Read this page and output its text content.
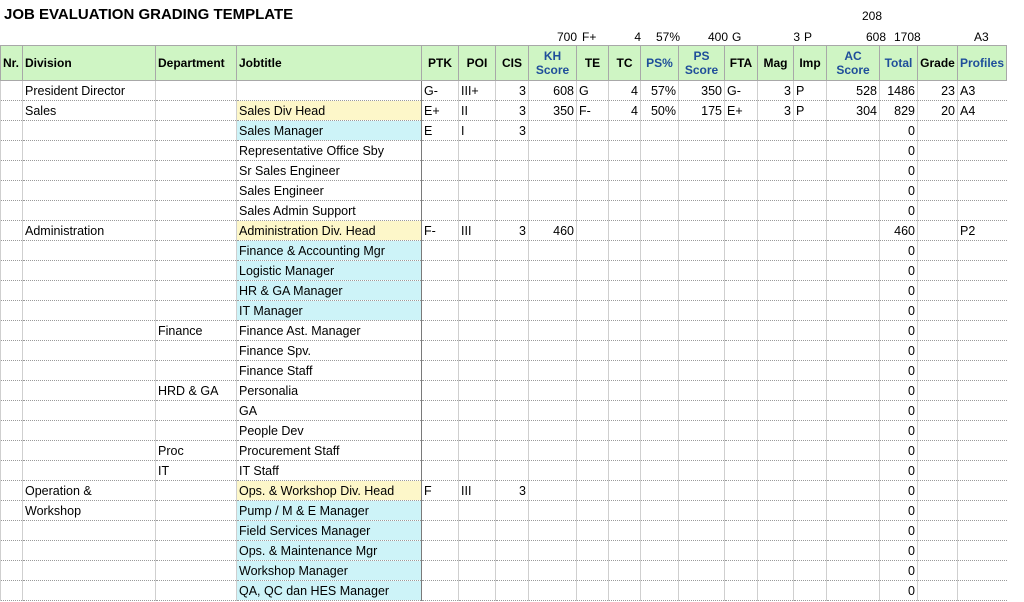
JOB EVALUATION GRADING TEMPLATE	208
700 F+	4	57%	400 G	3 P	608 1708	A3
Nr.	Division	Department	Jobtitle	PTK	POI	CIS	KH Score	TE	TC	PS%	PS Score	FTA	Mag	Imp	AC Score	Total	Grade	Profiles
	President Director			G-	III+	3	608	G	4	57%	350	G-	3	P	528	1486	23	A3
	Sales		Sales Div Head	E+	II	3	350	F-	4	50%	175	E+	3	P	304	829	20	A4
			Sales Manager	E	I	3										0		
			Representative Office Sby													0		
			Sr Sales Engineer													0		
			Sales Engineer													0		
			Sales Admin Support													0		
	Administration		Administration Div. Head	F-	III	3	460									460		P2
			Finance & Accounting Mgr													0		
			Logistic Manager													0		
			HR & GA Manager													0		
			IT Manager													0		
		Finance	Finance Ast. Manager													0		
			Finance Spv.													0		
			Finance Staff													0		
		HRD & GA	Personalia													0		
			GA													0		
			People Dev													0		
		Proc	Procurement Staff													0		
		IT	IT Staff													0		
	Operation &		Ops. & Workshop Div. Head	F	III	3										0		
	Workshop		Pump / M & E Manager													0		
			Field Services Manager													0		
			Ops. & Maintenance Mgr													0		
			Workshop Manager													0		
			QA, QC dan HES Manager													0		
